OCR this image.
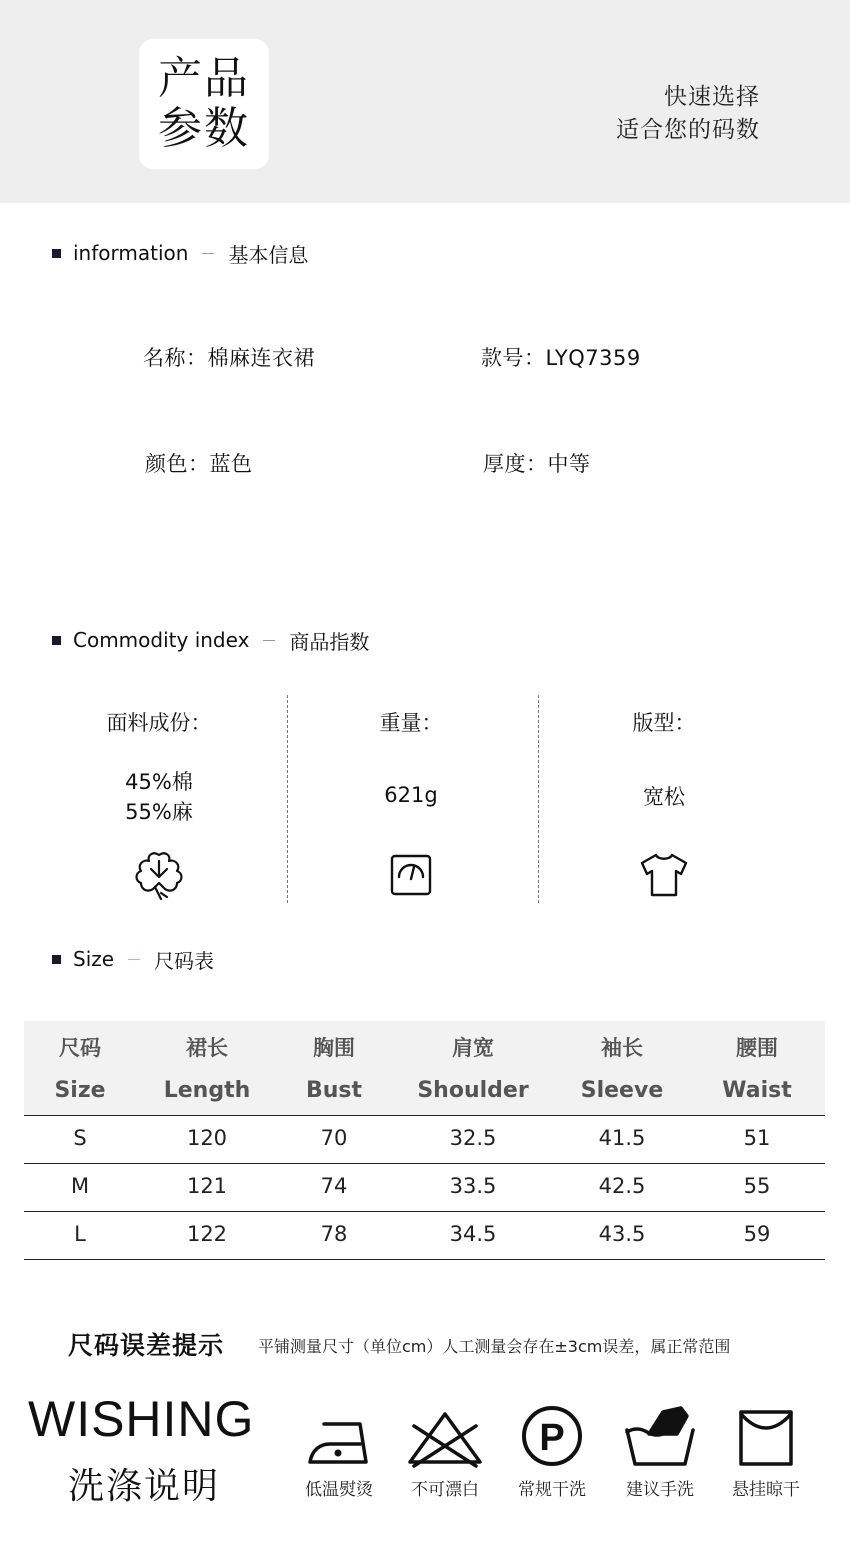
产品
参数
快速选择
适合您的码数
information 基本信息
名称：棉麻连衣裙	款号：LYQ7359
颜色：蓝色	厚度：中等
Commodity index 商品指数
面料成份：
45%棉
55%麻
重量：
621g
版型：
宽松
Size 尺码表
尺码	裙长	胸围	肩宽	袖长	腰围
Size	Length	Bust	Shoulder	Sleeve	Waist
S	120	70	32.5	41.5	51
M	121	74	33.5	42.5	55
L	122	78	34.5	43.5	59
尺码误差提示 平铺测量尺寸（单位cm）人工测量会存在±3cm误差，属正常范围
WISHING
洗涤说明	低温熨烫	不可漂白
P
常规干洗	建议手洗	悬挂晾干
